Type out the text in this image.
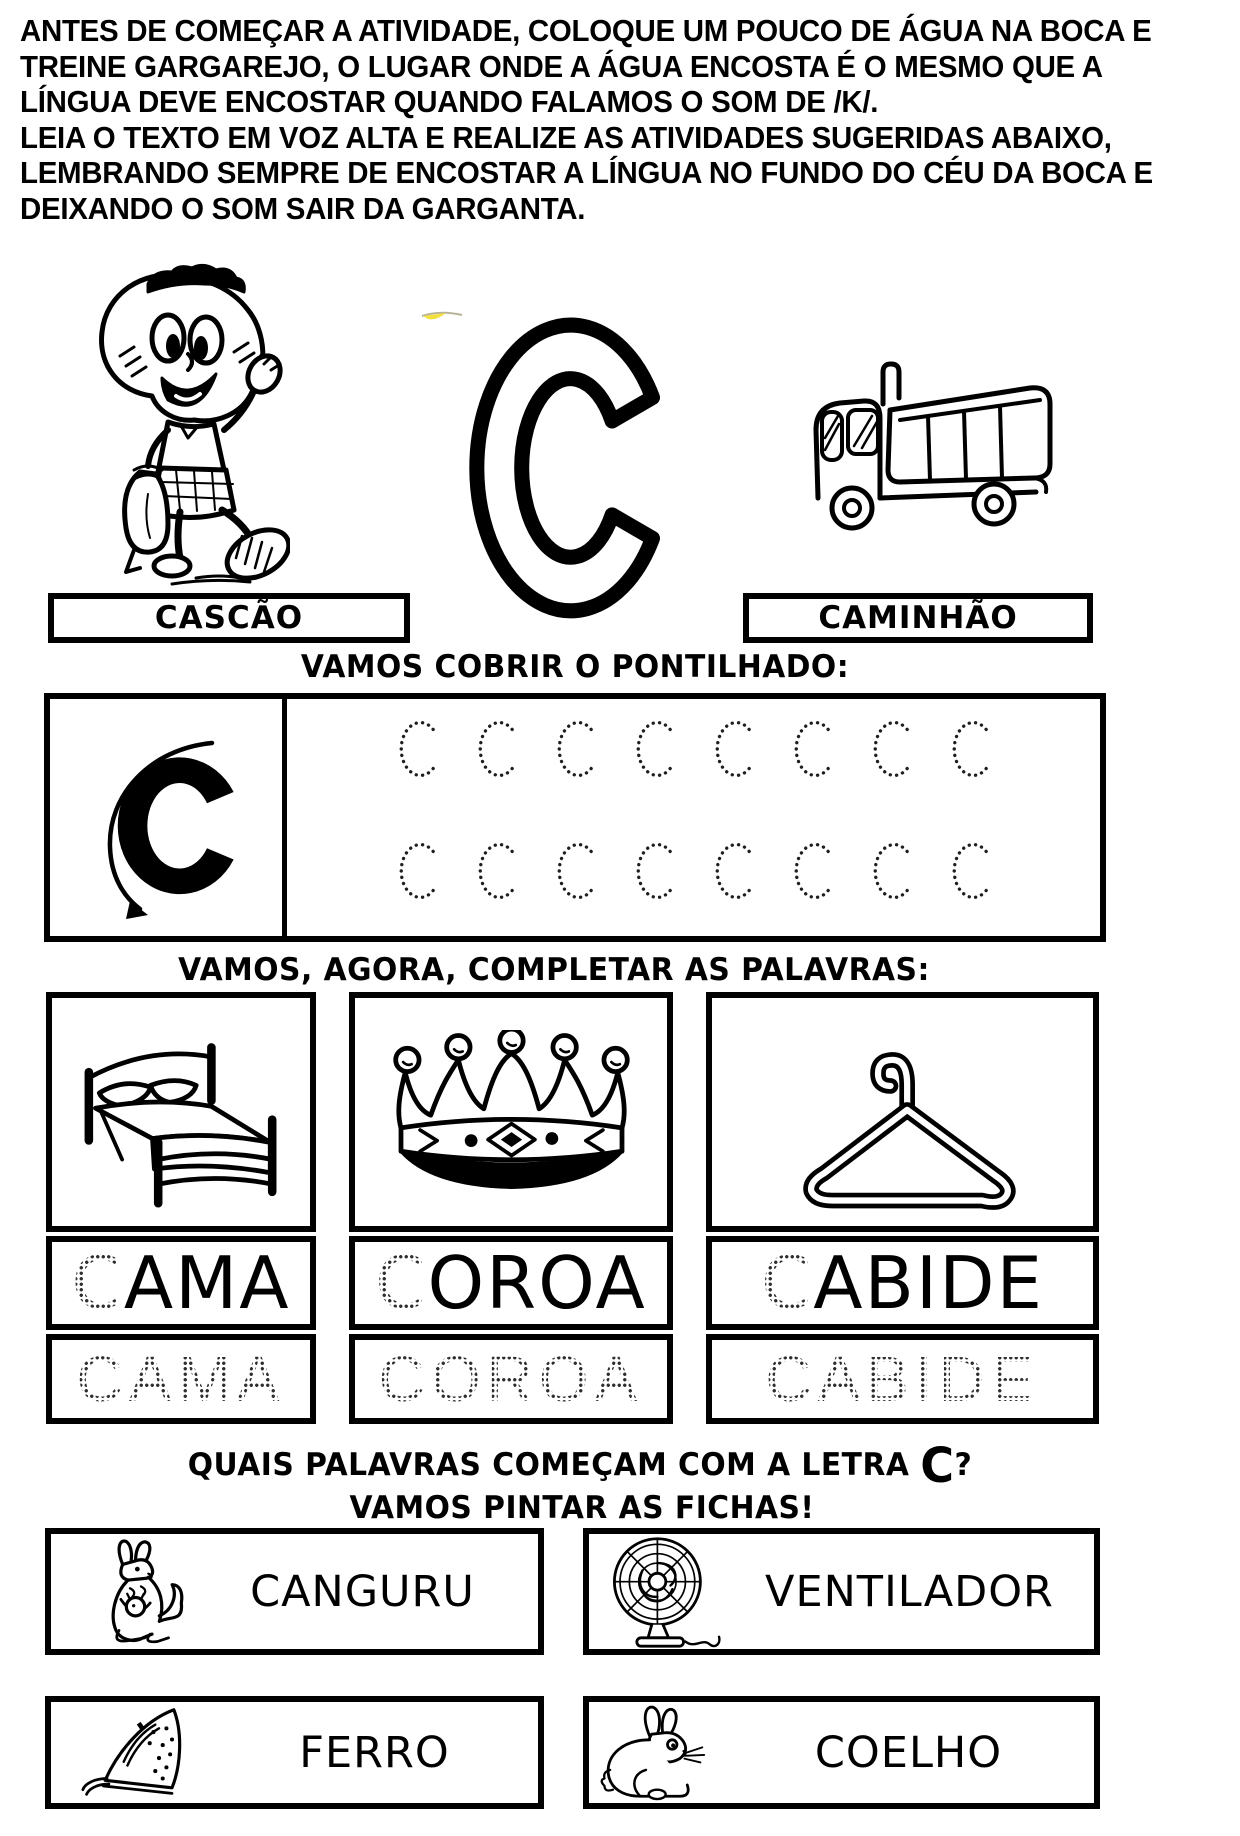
ANTES DE COMEÇAR A ATIVIDADE, COLOQUE UM POUCO DE ÁGUA NA BOCA E
TREINE GARGAREJO, O LUGAR ONDE A ÁGUA ENCOSTA É O MESMO QUE A
LÍNGUA DEVE ENCOSTAR QUANDO FALAMOS O SOM DE /K/.
LEIA O TEXTO EM VOZ ALTA E REALIZE AS ATIVIDADES SUGERIDAS ABAIXO,
LEMBRANDO SEMPRE DE ENCOSTAR A LÍNGUA NO FUNDO DO CÉU DA BOCA E
DEIXANDO O SOM SAIR DA GARGANTA.
CASCÃO	CAMINHÃO
VAMOS COBRIR O PONTILHADO:
VAMOS, AGORA, COMPLETAR AS PALAVRAS:
C AMA
CAMA
C OROA
COROA
C ABIDE
CABIDE
QUAIS PALAVRAS COMEÇAM COM A LETRA C?
VAMOS PINTAR AS FICHAS!
CANGURU	VENTILADOR
FERRO	COELHO
